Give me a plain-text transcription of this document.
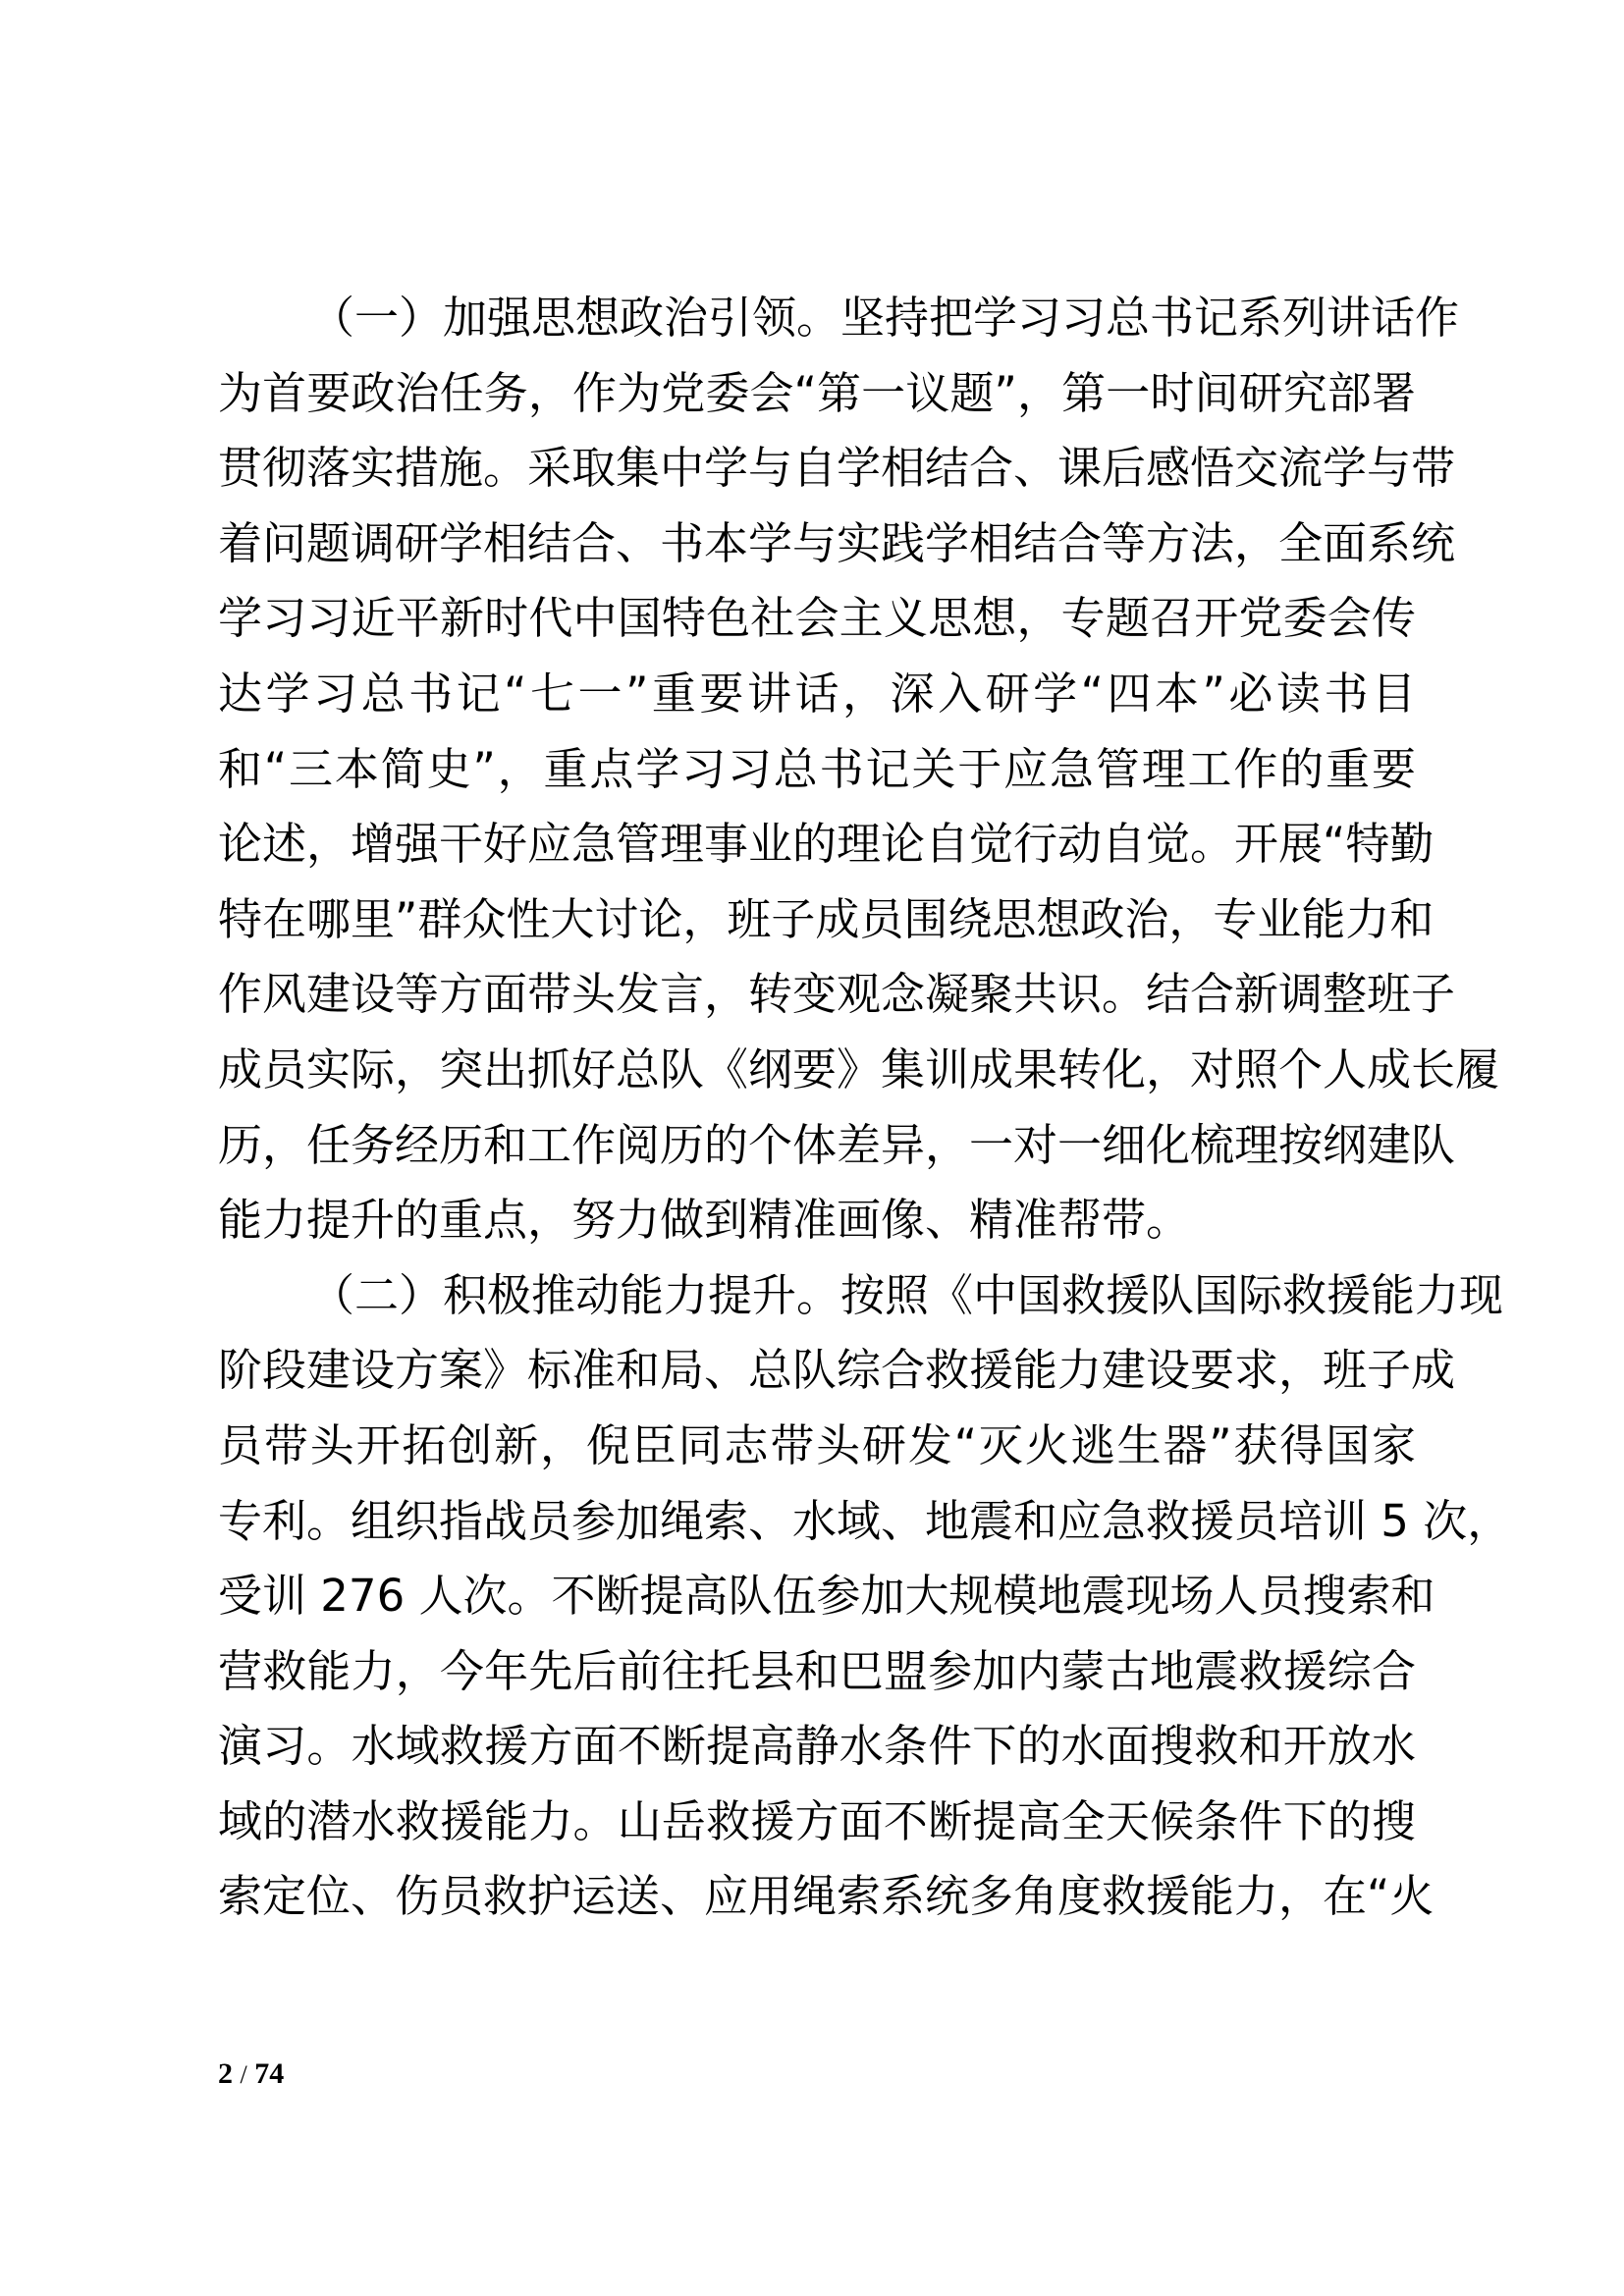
（一）加强思想政治引领。坚持把学习习总书记系列讲话作
为首要政治任务，作为党委会“第一议题”，第一时间研究部署
贯彻落实措施。采取集中学与自学相结合、课后感悟交流学与带
着问题调研学相结合、书本学与实践学相结合等方法，全面系统
学习习近平新时代中国特色社会主义思想，专题召开党委会传
达学习总书记“七一”重要讲话，深入研学“四本”必读书目
和“三本简史”，重点学习习总书记关于应急管理工作的重要
论述，增强干好应急管理事业的理论自觉行动自觉。开展“特勤
特在哪里”群众性大讨论，班子成员围绕思想政治，专业能力和
作风建设等方面带头发言，转变观念凝聚共识。结合新调整班子
成员实际，突出抓好总队《纲要》集训成果转化，对照个人成长履
历，任务经历和工作阅历的个体差异，一对一细化梳理按纲建队
能力提升的重点，努力做到精准画像、精准帮带。
（二）积极推动能力提升。按照《中国救援队国际救援能力现
阶段建设方案》标准和局、总队综合救援能力建设要求，班子成
员带头开拓创新，倪臣同志带头研发“灭火逃生器”获得国家
专利。组织指战员参加绳索、水域、地震和应急救援员培训 5 次，
受训 276 人次。不断提高队伍参加大规模地震现场人员搜索和
营救能力，今年先后前往托县和巴盟参加内蒙古地震救援综合
演习。水域救援方面不断提高静水条件下的水面搜救和开放水
域的潜水救援能力。山岳救援方面不断提高全天候条件下的搜
索定位、伤员救护运送、应用绳索系统多角度救援能力，在“火
2 / 74
